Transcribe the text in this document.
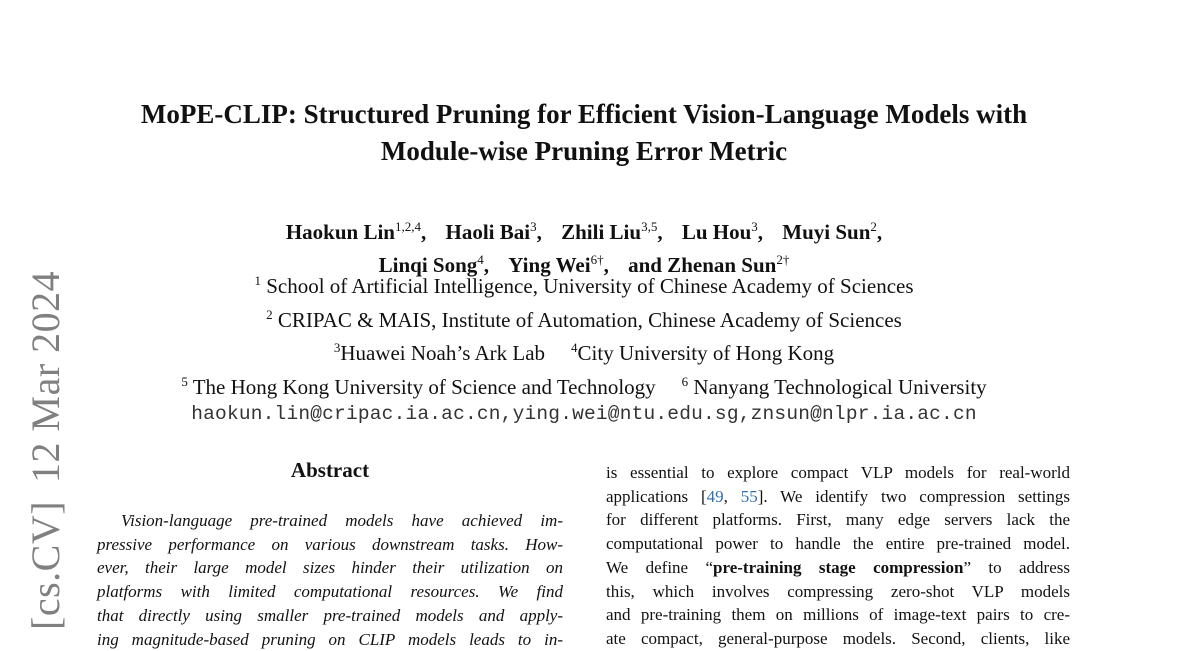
[cs.CV]12 Mar 2024
MoPE-CLIP: Structured Pruning for Efficient Vision-Language Models with
Module-wise Pruning Error Metric
Haokun Lin$^{1,2,4}$, Haoli Bai$^3$, Zhili Liu$^{3,5}$, Lu Hou$^3$, Muyi Sun$^2$,
Linqi Song$^4$, Ying Wei$^{6\dagger}$, and Zhenan Sun$^{2\dagger}$
$^1$ School of Artificial Intelligence, University of Chinese Academy of Sciences
$^2$ CRIPAC & MAIS, Institute of Automation, Chinese Academy of Sciences
$^3$Huawei Noah’s Ark Lab $^4$City University of Hong Kong
$^5$ The Hong Kong University of Science and Technology $^6$ Nanyang Technological University
haokun.lin@cripac.ia.ac.cn,ying.wei@ntu.edu.sg,znsun@nlpr.ia.ac.cn
Abstract
Vision-language pre-trained models have achieved im-
pressive performance on various downstream tasks. How-
ever, their large model sizes hinder their utilization on
platforms with limited computational resources. We find
that directly using smaller pre-trained models and apply-
ing magnitude-based pruning on CLIP models leads to in-
is essential to explore compact VLP models for real-world
applications [49, 55]. We identify two compression settings
for different platforms. First, many edge servers lack the
computational power to handle the entire pre-trained model.
We define “pre-training stage compression” to address
this, which involves compressing zero-shot VLP models
and pre-training them on millions of image-text pairs to cre-
ate compact, general-purpose models. Second, clients, like
